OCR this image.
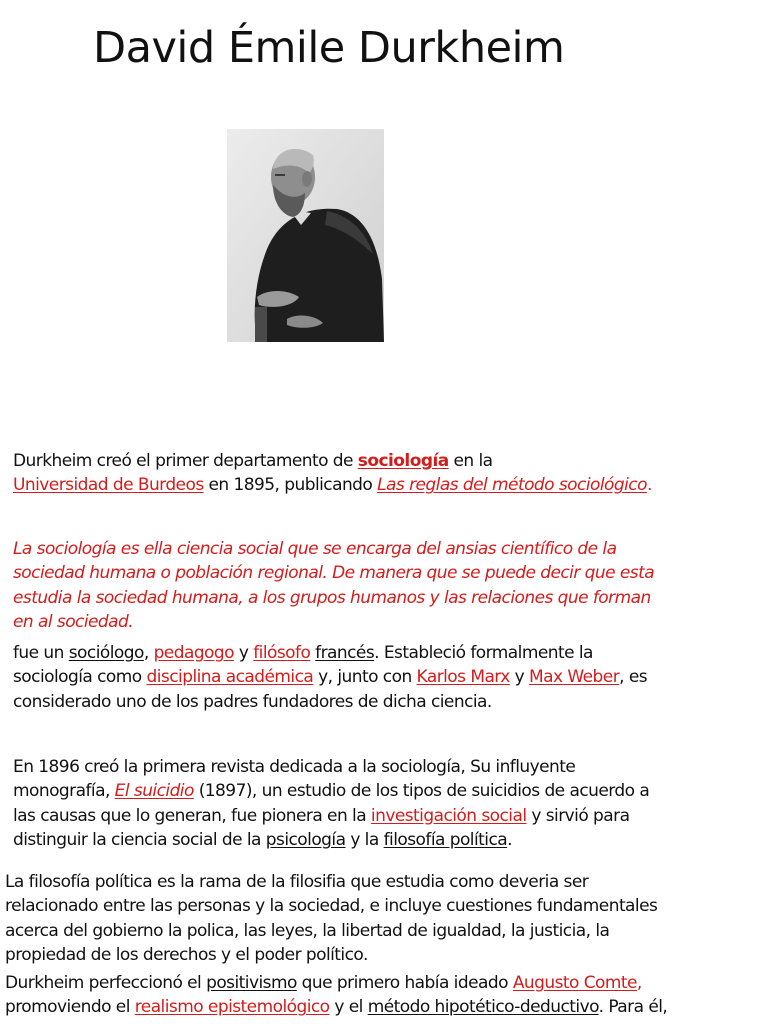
David Émile Durkheim
Durkheim creó el primer departamento de sociología en la
Universidad de Burdeos en 1895, publicando Las reglas del método sociológico.
La sociología es ella ciencia social que se encarga del ansias científico de la
sociedad humana o población regional. De manera que se puede decir que esta
estudia la sociedad humana, a los grupos humanos y las relaciones que forman
en al sociedad.
fue un sociólogo, pedagogo y filósofo francés. Estableció formalmente la
sociología como disciplina académica y, junto con Karlos Marx y Max Weber, es
considerado uno de los padres fundadores de dicha ciencia.
En 1896 creó la primera revista dedicada a la sociología, Su influyente
monografía, El suicidio (1897), un estudio de los tipos de suicidios de acuerdo a
las causas que lo generan, fue pionera en la investigación social y sirvió para
distinguir la ciencia social de la psicología y la filosofía política.
La filosofía política es la rama de la filosifia que estudia como deveria ser
relacionado entre las personas y la sociedad, e incluye cuestiones fundamentales
acerca del gobierno la polica, las leyes, la libertad de igualdad, la justicia, la
propiedad de los derechos y el poder político.
Durkheim perfeccionó el positivismo que primero había ideado Augusto Comte,
promoviendo el realismo epistemológico y el método hipotético-deductivo. Para él,
